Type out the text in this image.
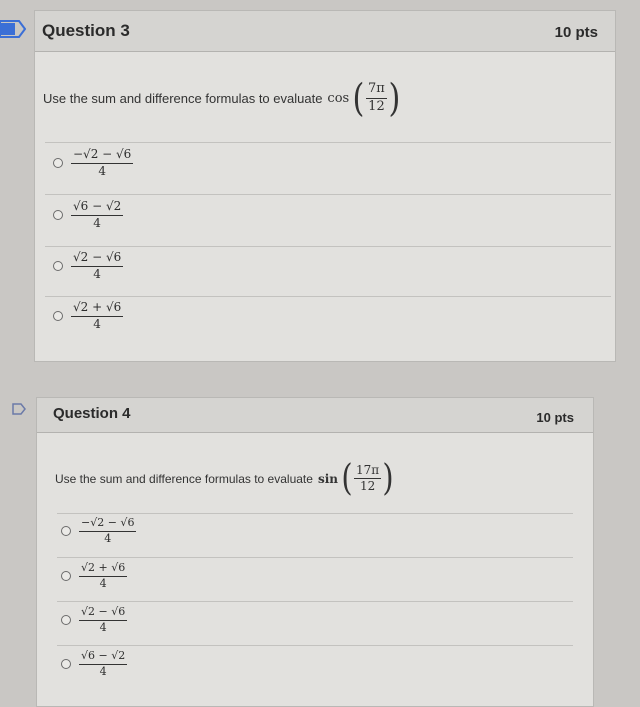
Question 3	10 pts
Use the sum and difference formulas to evaluate cos ( $\frac{7\pi}{12}$ )
$\frac{-√2 - √6}{4}$
$\frac{√6 - √2}{4}$
$\frac{√2 - √6}{4}$
$\frac{√2 + √6}{4}$
Question 4	10 pts
Use the sum and difference formulas to evaluate sin ( $\frac{17\pi}{12}$ )
$\frac{-√2 - √6}{4}$
$\frac{√2 + √6}{4}$
$\frac{√2 - √6}{4}$
$\frac{√6 - √2}{4}$
